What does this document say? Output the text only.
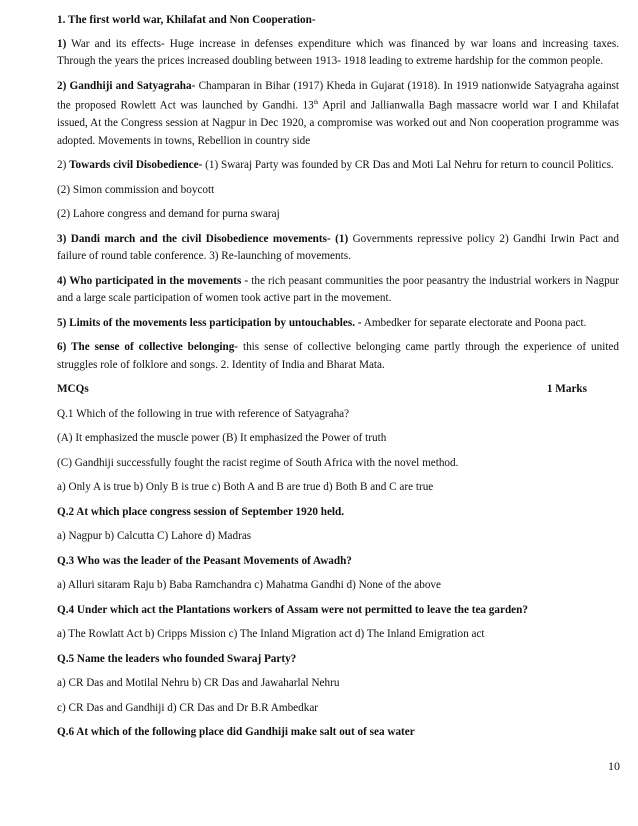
1. The first world war, Khilafat and Non Cooperation-

1) War and its effects- Huge increase in defenses expenditure which was financed by war loans and increasing taxes. Through the years the prices increased doubling between 1913- 1918 leading to extreme hardship for the common people.

2) Gandhiji and Satyagraha- Champaran in Bihar (1917) Kheda in Gujarat (1918). In 1919 nationwide Satyagraha against the proposed Rowlett Act was launched by Gandhi. 13th April and Jallianwalla Bagh massacre world war I and Khilafat issued, At the Congress session at Nagpur in Dec 1920, a compromise was worked out and Non cooperation programme was adopted. Movements in towns, Rebellion in country side

2) Towards civil Disobedience- (1) Swaraj Party was founded by CR Das and Moti Lal Nehru for return to council Politics.

(2) Simon commission and boycott

(2) Lahore congress and demand for purna swaraj

3) Dandi march and the civil Disobedience movements- (1) Governments repressive policy 2) Gandhi Irwin Pact and failure of round table conference. 3) Re-launching of movements.

4) Who participated in the movements - the rich peasant communities the poor peasantry the industrial workers in Nagpur and a large scale participation of women took active part in the movement.

5) Limits of the movements less participation by untouchables. - Ambedker for separate electorate and Poona pact.

6) The sense of collective belonging- this sense of collective belonging came partly through the experience of united struggles role of folklore and songs. 2. Identity of India and Bharat Mata.

MCQs	1 Marks

Q.1 Which of the following in true with reference of Satyagraha?

(A) It emphasized the muscle power (B) It emphasized the Power of truth

(C) Gandhiji successfully fought the racist regime of South Africa with the novel method.

a) Only A is true b) Only B is true c) Both A and B are true d) Both B and C are true

Q.2 At which place congress session of September 1920 held.

a) Nagpur b) Calcutta C) Lahore d) Madras

Q.3 Who was the leader of the Peasant Movements of Awadh?

a) Alluri sitaram Raju b) Baba Ramchandra c) Mahatma Gandhi d) None of the above

Q.4 Under which act the Plantations workers of Assam were not permitted to leave the tea garden?

a) The Rowlatt Act b) Cripps Mission c) The Inland Migration act d) The Inland Emigration act

Q.5 Name the leaders who founded Swaraj Party?

a) CR Das and Motilal Nehru b) CR Das and Jawaharlal Nehru

c) CR Das and Gandhiji d) CR Das and Dr B.R Ambedkar

Q.6 At which of the following place did Gandhiji make salt out of sea water

10
